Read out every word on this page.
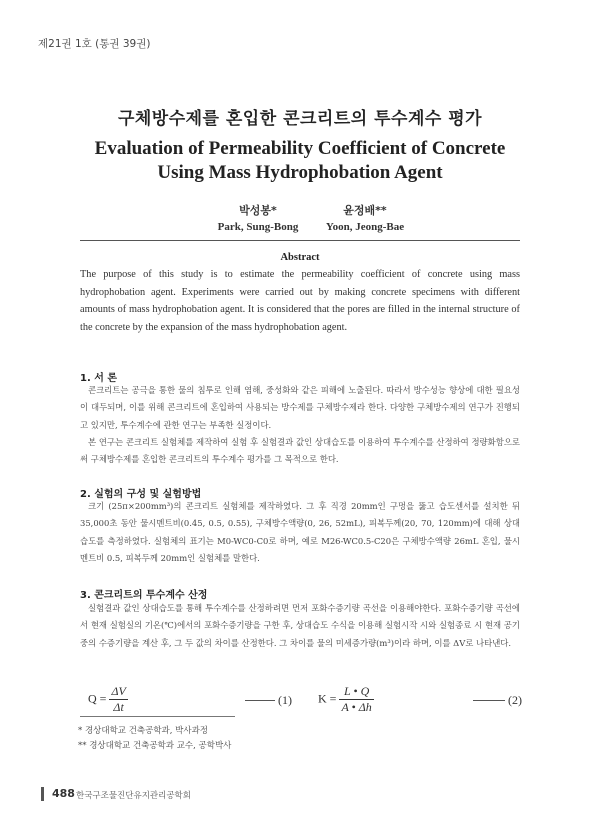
제21권 1호 (통권 39권)
구체방수제를 혼입한 콘크리트의 투수계수 평가
Evaluation of Permeability Coefficient of Concrete
Using Mass Hydrophobation Agent
박성봉*
Park, Sung-Bong
윤정배**
Yoon, Jeong-Bae
Abstract
The purpose of this study is to estimate the permeability coefficient of concrete using mass hydrophobation agent. Experiments were carried out by making concrete specimens with different amounts of mass hydrophobation agent. It is considered that the pores are filled in the internal structure of the concrete by the expansion of the mass hydrophobation agent.
1. 서 론
콘크리트는 공극을 통한 물의 침투로 인해 염해, 중성화와 같은 피해에 노출된다. 따라서 방수성능 향상에 대한 필요성이 대두되며, 이를 위해 콘크리트에 혼입하여 사용되는 방수제를 구체방수제라 한다. 다양한 구체방수제의 연구가 진행되고 있지만, 투수계수에 관한 연구는 부족한 실정이다.
본 연구는 콘크리트 실험체를 제작하여 실험 후 실험결과 값인 상대습도를 이용하여 투수계수를 산정하여 정량화함으로써 구체방수제를 혼입한 콘크리트의 투수계수 평가를 그 목적으로 한다.
2. 실험의 구성 및 실험방법
크기 (25π×200mm³)의 콘크리트 실험체를 제작하였다. 그 후 직경 20mm인 구멍을 뚫고 습도센서를 설치한 뒤 35,000초 동안 물시멘트비(0.45, 0.5, 0.55), 구체방수액량(0, 26, 52mL), 피복두께(20, 70, 120mm)에 대해 상대습도를 측정하였다. 실험체의 표기는 M0-WC0-C0로 하며, 예로 M26-WC0.5-C20은 구체방수액량 26mL 혼입, 물시멘트비 0.5, 피복두께 20mm인 실험체를 말한다.
3. 콘크리트의 투수계수 산정
실험결과 값인 상대습도를 통해 투수계수를 산정하려면 먼저 포화수증기량 곡선을 이용해야한다. 포화수증기량 곡선에서 현재 실험실의 기온(℃)에서의 포화수증기량을 구한 후, 상대습도 수식을 이용해 실험시작 시와 실험종료 시 현재 공기 중의 수증기량을 계산 후, 그 두 값의 차이를 산정한다. 그 차이를 물의 미세증가량(m³)이라 하며, 이를 ΔV로 나타낸다.
$Q = \frac{\Delta V}{\Delta t}$	(1) $K = \frac{L • Q}{A • \Delta h}$	(2)
* 경상대학교 건축공학과, 박사과정
** 경상대학교 건축공학과 교수, 공학박사
488 한국구조물진단유지관리공학회
